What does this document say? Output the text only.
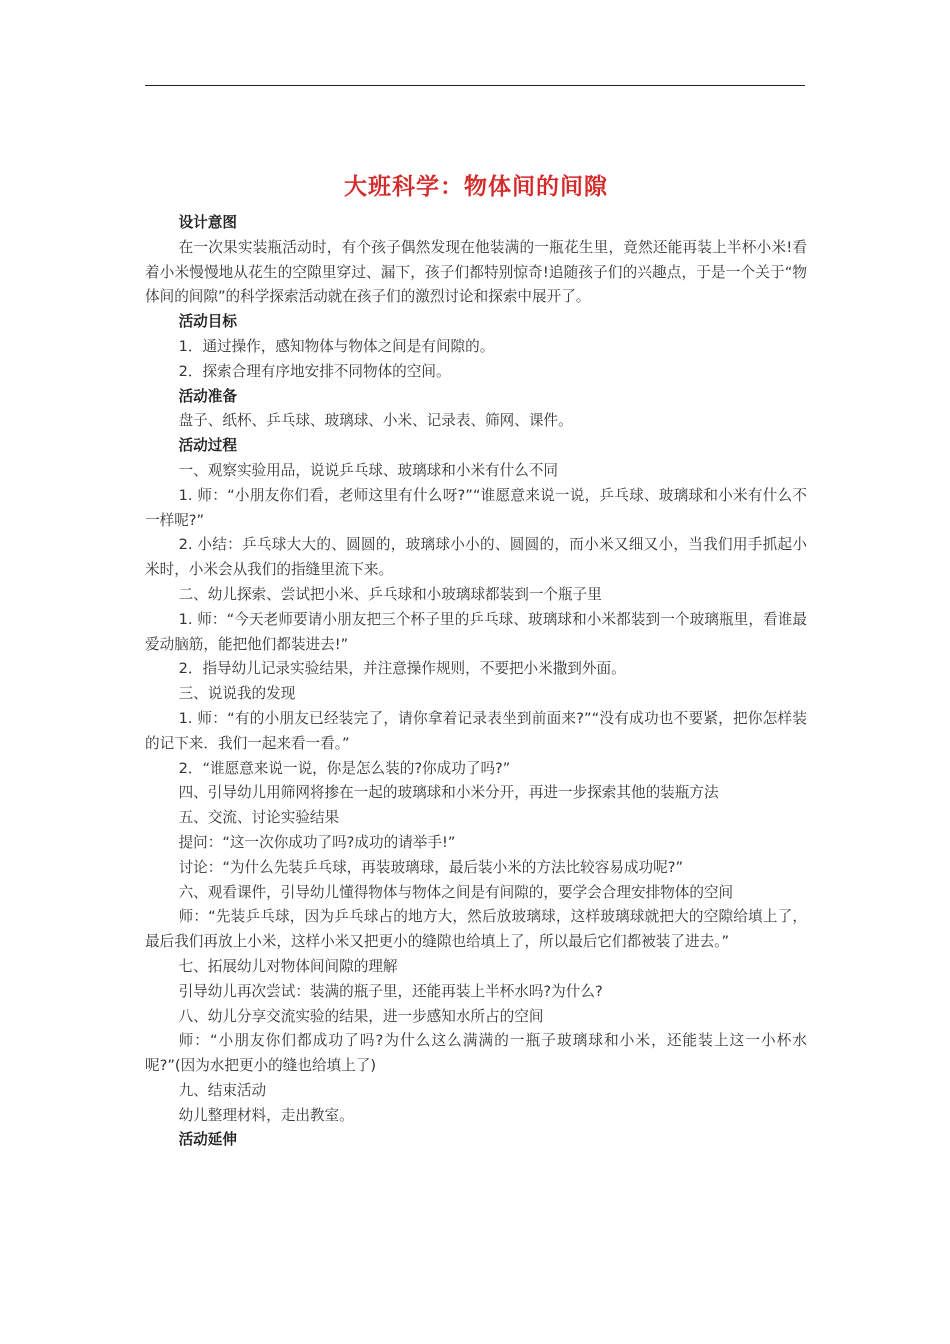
大班科学：物体间的间隙

设计意图

在一次果实装瓶活动时，有个孩子偶然发现在他装满的一瓶花生里，竟然还能再装上半杯小米!看着小米慢慢地从花生的空隙里穿过、漏下，孩子们都特别惊奇!追随孩子们的兴趣点，于是一个关于“物体间的间隙”的科学探索活动就在孩子们的激烈讨论和探索中展开了。

活动目标

1．通过操作，感知物体与物体之间是有间隙的。

2．探索合理有序地安排不同物体的空间。

活动准备

盘子、纸杯、乒乓球、玻璃球、小米、记录表、筛网、课件。

活动过程

一、观察实验用品，说说乒乓球、玻璃球和小米有什么不同

1. 师：“小朋友你们看，老师这里有什么呀?”“谁愿意来说一说，乒乓球、玻璃球和小米有什么不一样呢?”

2. 小结：乒乓球大大的、圆圆的，玻璃球小小的、圆圆的，而小米又细又小，当我们用手抓起小米时，小米会从我们的指缝里流下来。

二、幼儿探索、尝试把小米、乒乓球和小玻璃球都装到一个瓶子里

1. 师：“今天老师要请小朋友把三个杯子里的乒乓球、玻璃球和小米都装到一个玻璃瓶里，看谁最爱动脑筋，能把他们都装进去!”

2．指导幼儿记录实验结果，并注意操作规则，不要把小米撒到外面。

三、说说我的发现

1. 师：“有的小朋友已经装完了，请你拿着记录表坐到前面来?”“没有成功也不要紧，把你怎样装的记下来．我们一起来看一看。”

2．“谁愿意来说一说，你是怎么装的?你成功了吗?”

四、引导幼儿用筛网将掺在一起的玻璃球和小米分开，再进一步探索其他的装瓶方法

五、交流、讨论实验结果

提问：“这一次你成功了吗?成功的请举手!”

讨论：“为什么先装乒乓球，再装玻璃球，最后装小米的方法比较容易成功呢?”

六、观看课件，引导幼儿懂得物体与物体之间是有间隙的，要学会合理安排物体的空间

师：“先装乒乓球，因为乒乓球占的地方大，然后放玻璃球，这样玻璃球就把大的空隙给填上了，最后我们再放上小米，这样小米又把更小的缝隙也给填上了，所以最后它们都被装了进去。”

七、拓展幼儿对物体间间隙的理解

引导幼儿再次尝试：装满的瓶子里，还能再装上半杯水吗?为什么?

八、幼儿分享交流实验的结果，进一步感知水所占的空间

师：“小朋友你们都成功了吗?为什么这么满满的一瓶子玻璃球和小米，还能装上这一小杯水呢?”(因为水把更小的缝也给填上了)

九、结束活动

幼儿整理材料，走出教室。

活动延伸
